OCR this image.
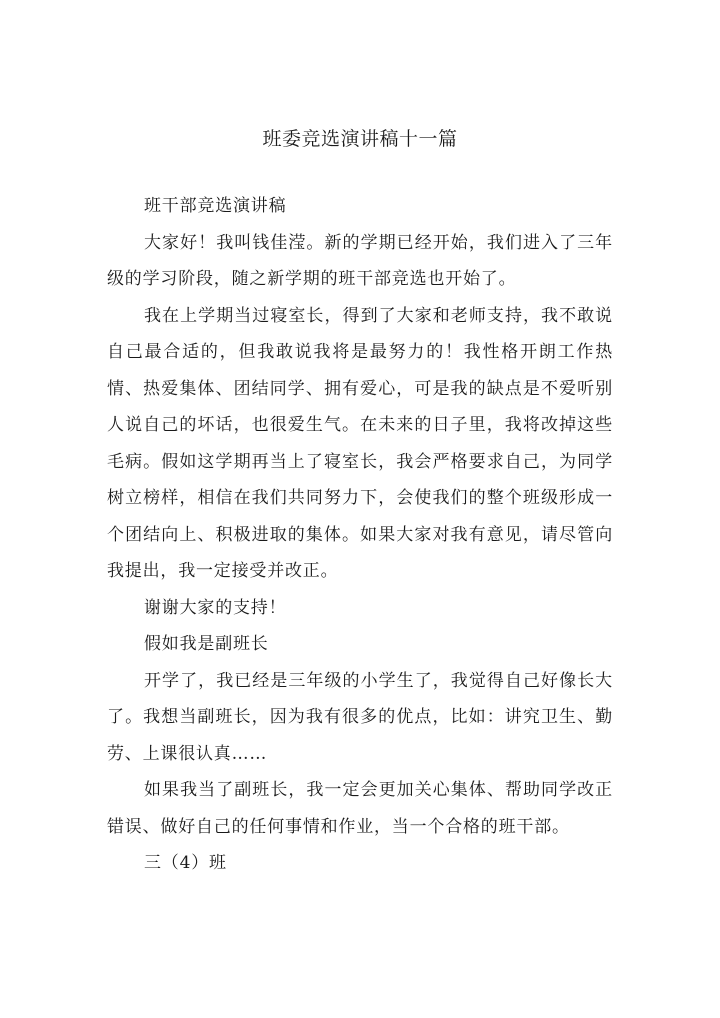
班委竞选演讲稿十一篇

班干部竞选演讲稿

大家好！我叫钱佳滢。新的学期已经开始，我们进入了三年级的学习阶段，随之新学期的班干部竞选也开始了。

我在上学期当过寝室长，得到了大家和老师支持，我不敢说自己最合适的，但我敢说我将是最努力的！我性格开朗工作热情、热爱集体、团结同学、拥有爱心，可是我的缺点是不爱听别人说自己的坏话，也很爱生气。在未来的日子里，我将改掉这些毛病。假如这学期再当上了寝室长，我会严格要求自己，为同学树立榜样，相信在我们共同努力下，会使我们的整个班级形成一个团结向上、积极进取的集体。如果大家对我有意见，请尽管向我提出，我一定接受并改正。

谢谢大家的支持！

假如我是副班长

开学了，我已经是三年级的小学生了，我觉得自己好像长大了。我想当副班长，因为我有很多的优点，比如：讲究卫生、勤劳、上课很认真……

如果我当了副班长，我一定会更加关心集体、帮助同学改正错误、做好自己的任何事情和作业，当一个合格的班干部。

三（4）班
